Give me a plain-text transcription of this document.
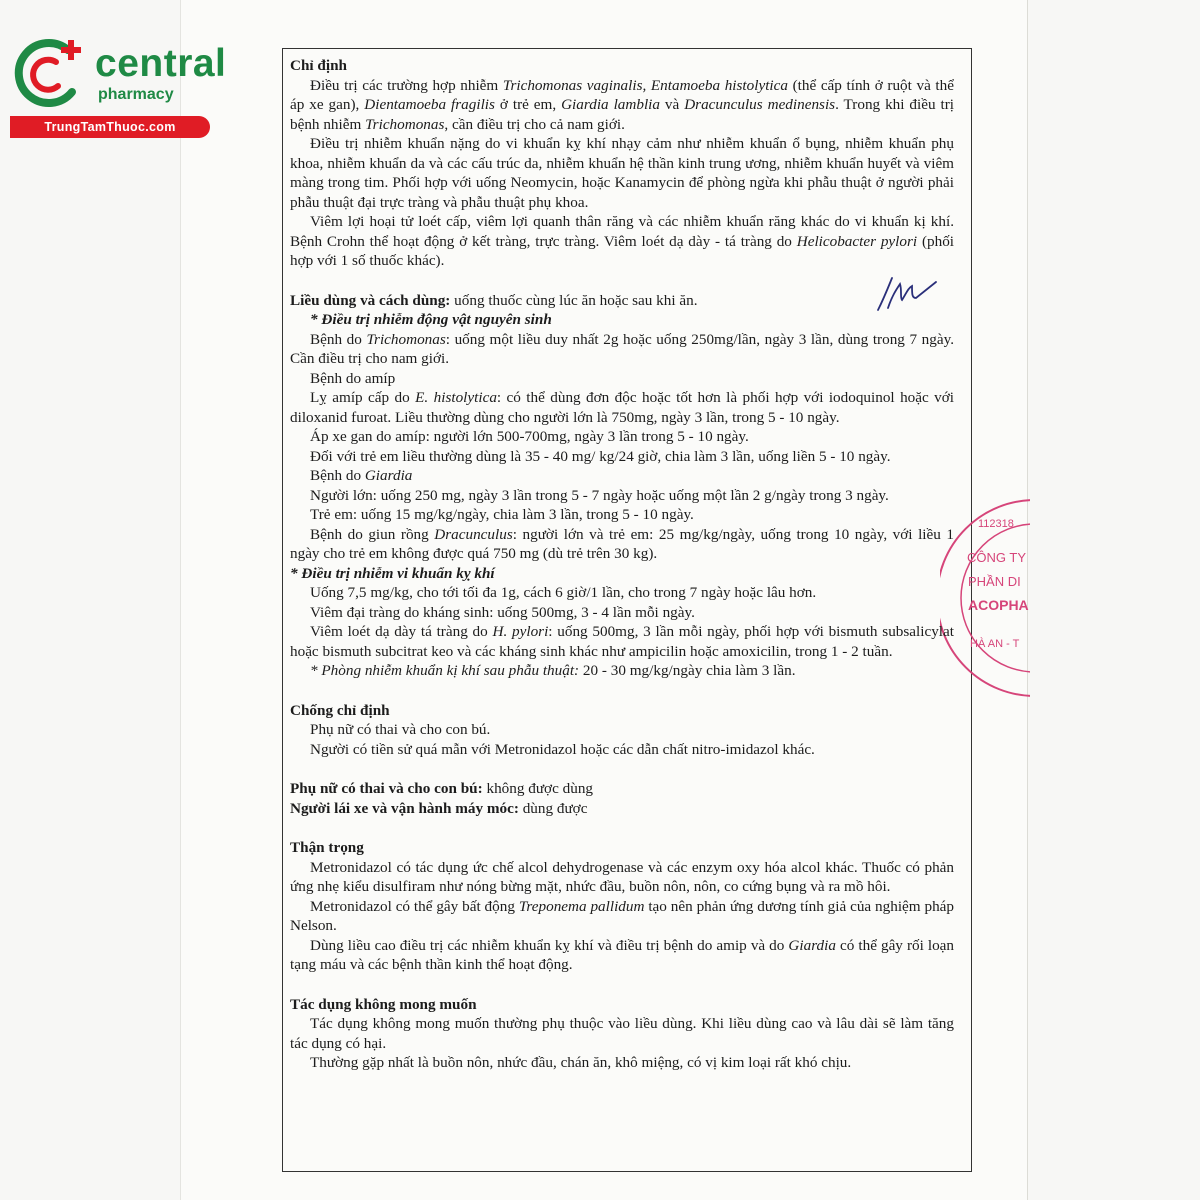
central
pharmacy
TrungTamThuoc.com
112318
CÔNG TY
PHẦN DI
ACOPHA
HÀ AN - T

Chỉ định

Điều trị các trường hợp nhiễm Trichomonas vaginalis, Entamoeba histolytica (thể cấp tính ở ruột và thể áp xe gan), Dientamoeba fragilis ở trẻ em, Giardia lamblia và Dracunculus medinensis. Trong khi điều trị bệnh nhiễm Trichomonas, cần điều trị cho cả nam giới.

Điều trị nhiễm khuẩn nặng do vi khuẩn kỵ khí nhạy cảm như nhiễm khuẩn ổ bụng, nhiễm khuẩn phụ khoa, nhiễm khuẩn da và các cấu trúc da, nhiễm khuẩn hệ thần kinh trung ương, nhiễm khuẩn huyết và viêm màng trong tim. Phối hợp với uống Neomycin, hoặc Kanamycin để phòng ngừa khi phẫu thuật ở người phải phẫu thuật đại trực tràng và phẫu thuật phụ khoa.

Viêm lợi hoại tử loét cấp, viêm lợi quanh thân răng và các nhiễm khuẩn răng khác do vi khuẩn kị khí. Bệnh Crohn thể hoạt động ở kết tràng, trực tràng. Viêm loét dạ dày - tá tràng do Helicobacter pylori (phối hợp với 1 số thuốc khác).

Liều dùng và cách dùng: uống thuốc cùng lúc ăn hoặc sau khi ăn.

* Điều trị nhiễm động vật nguyên sinh

Bệnh do Trichomonas: uống một liều duy nhất 2g hoặc uống 250mg/lần, ngày 3 lần, dùng trong 7 ngày. Cần điều trị cho nam giới.

Bệnh do amíp

Lỵ amíp cấp do E. histolytica: có thể dùng đơn độc hoặc tốt hơn là phối hợp với iodoquinol hoặc với diloxanid furoat. Liều thường dùng cho người lớn là 750mg, ngày 3 lần, trong 5 - 10 ngày.

Áp xe gan do amíp: người lớn 500-700mg, ngày 3 lần trong 5 - 10 ngày.

Đối với trẻ em liều thường dùng là 35 - 40 mg/ kg/24 giờ, chia làm 3 lần, uống liền 5 - 10 ngày.

Bệnh do Giardia

Người lớn: uống 250 mg, ngày 3 lần trong 5 - 7 ngày hoặc uống một lần 2 g/ngày trong 3 ngày.

Trẻ em: uống 15 mg/kg/ngày, chia làm 3 lần, trong 5 - 10 ngày.

Bệnh do giun rồng Dracunculus: người lớn và trẻ em: 25 mg/kg/ngày, uống trong 10 ngày, với liều 1 ngày cho trẻ em không được quá 750 mg (dù trẻ trên 30 kg).

* Điều trị nhiễm vi khuẩn kỵ khí

Uống 7,5 mg/kg, cho tới tối đa 1g, cách 6 giờ/1 lần, cho trong 7 ngày hoặc lâu hơn.

Viêm đại tràng do kháng sinh: uống 500mg, 3 - 4 lần mỗi ngày.

Viêm loét dạ dày tá tràng do H. pylori: uống 500mg, 3 lần mỗi ngày, phối hợp với bismuth subsalicylat hoặc bismuth subcitrat keo và các kháng sinh khác như ampicilin hoặc amoxicilin, trong 1 - 2 tuần.

* Phòng nhiễm khuẩn kị khí sau phẫu thuật: 20 - 30 mg/kg/ngày chia làm 3 lần.

Chống chỉ định

Phụ nữ có thai và cho con bú.

Người có tiền sử quá mẫn với Metronidazol hoặc các dẫn chất nitro-imidazol khác.

Phụ nữ có thai và cho con bú: không được dùng

Người lái xe và vận hành máy móc: dùng được

Thận trọng

Metronidazol có tác dụng ức chế alcol dehydrogenase và các enzym oxy hóa alcol khác. Thuốc có phản ứng nhẹ kiểu disulfiram như nóng bừng mặt, nhức đầu, buồn nôn, nôn, co cứng bụng và ra mồ hôi.

Metronidazol có thể gây bất động Treponema pallidum tạo nên phản ứng dương tính giả của nghiệm pháp Nelson.

Dùng liều cao điều trị các nhiễm khuẩn kỵ khí và điều trị bệnh do amip và do Giardia có thể gây rối loạn tạng máu và các bệnh thần kinh thể hoạt động.

Tác dụng không mong muốn

Tác dụng không mong muốn thường phụ thuộc vào liều dùng. Khi liều dùng cao và lâu dài sẽ làm tăng tác dụng có hại.

Thường gặp nhất là buồn nôn, nhức đầu, chán ăn, khô miệng, có vị kim loại rất khó chịu.
